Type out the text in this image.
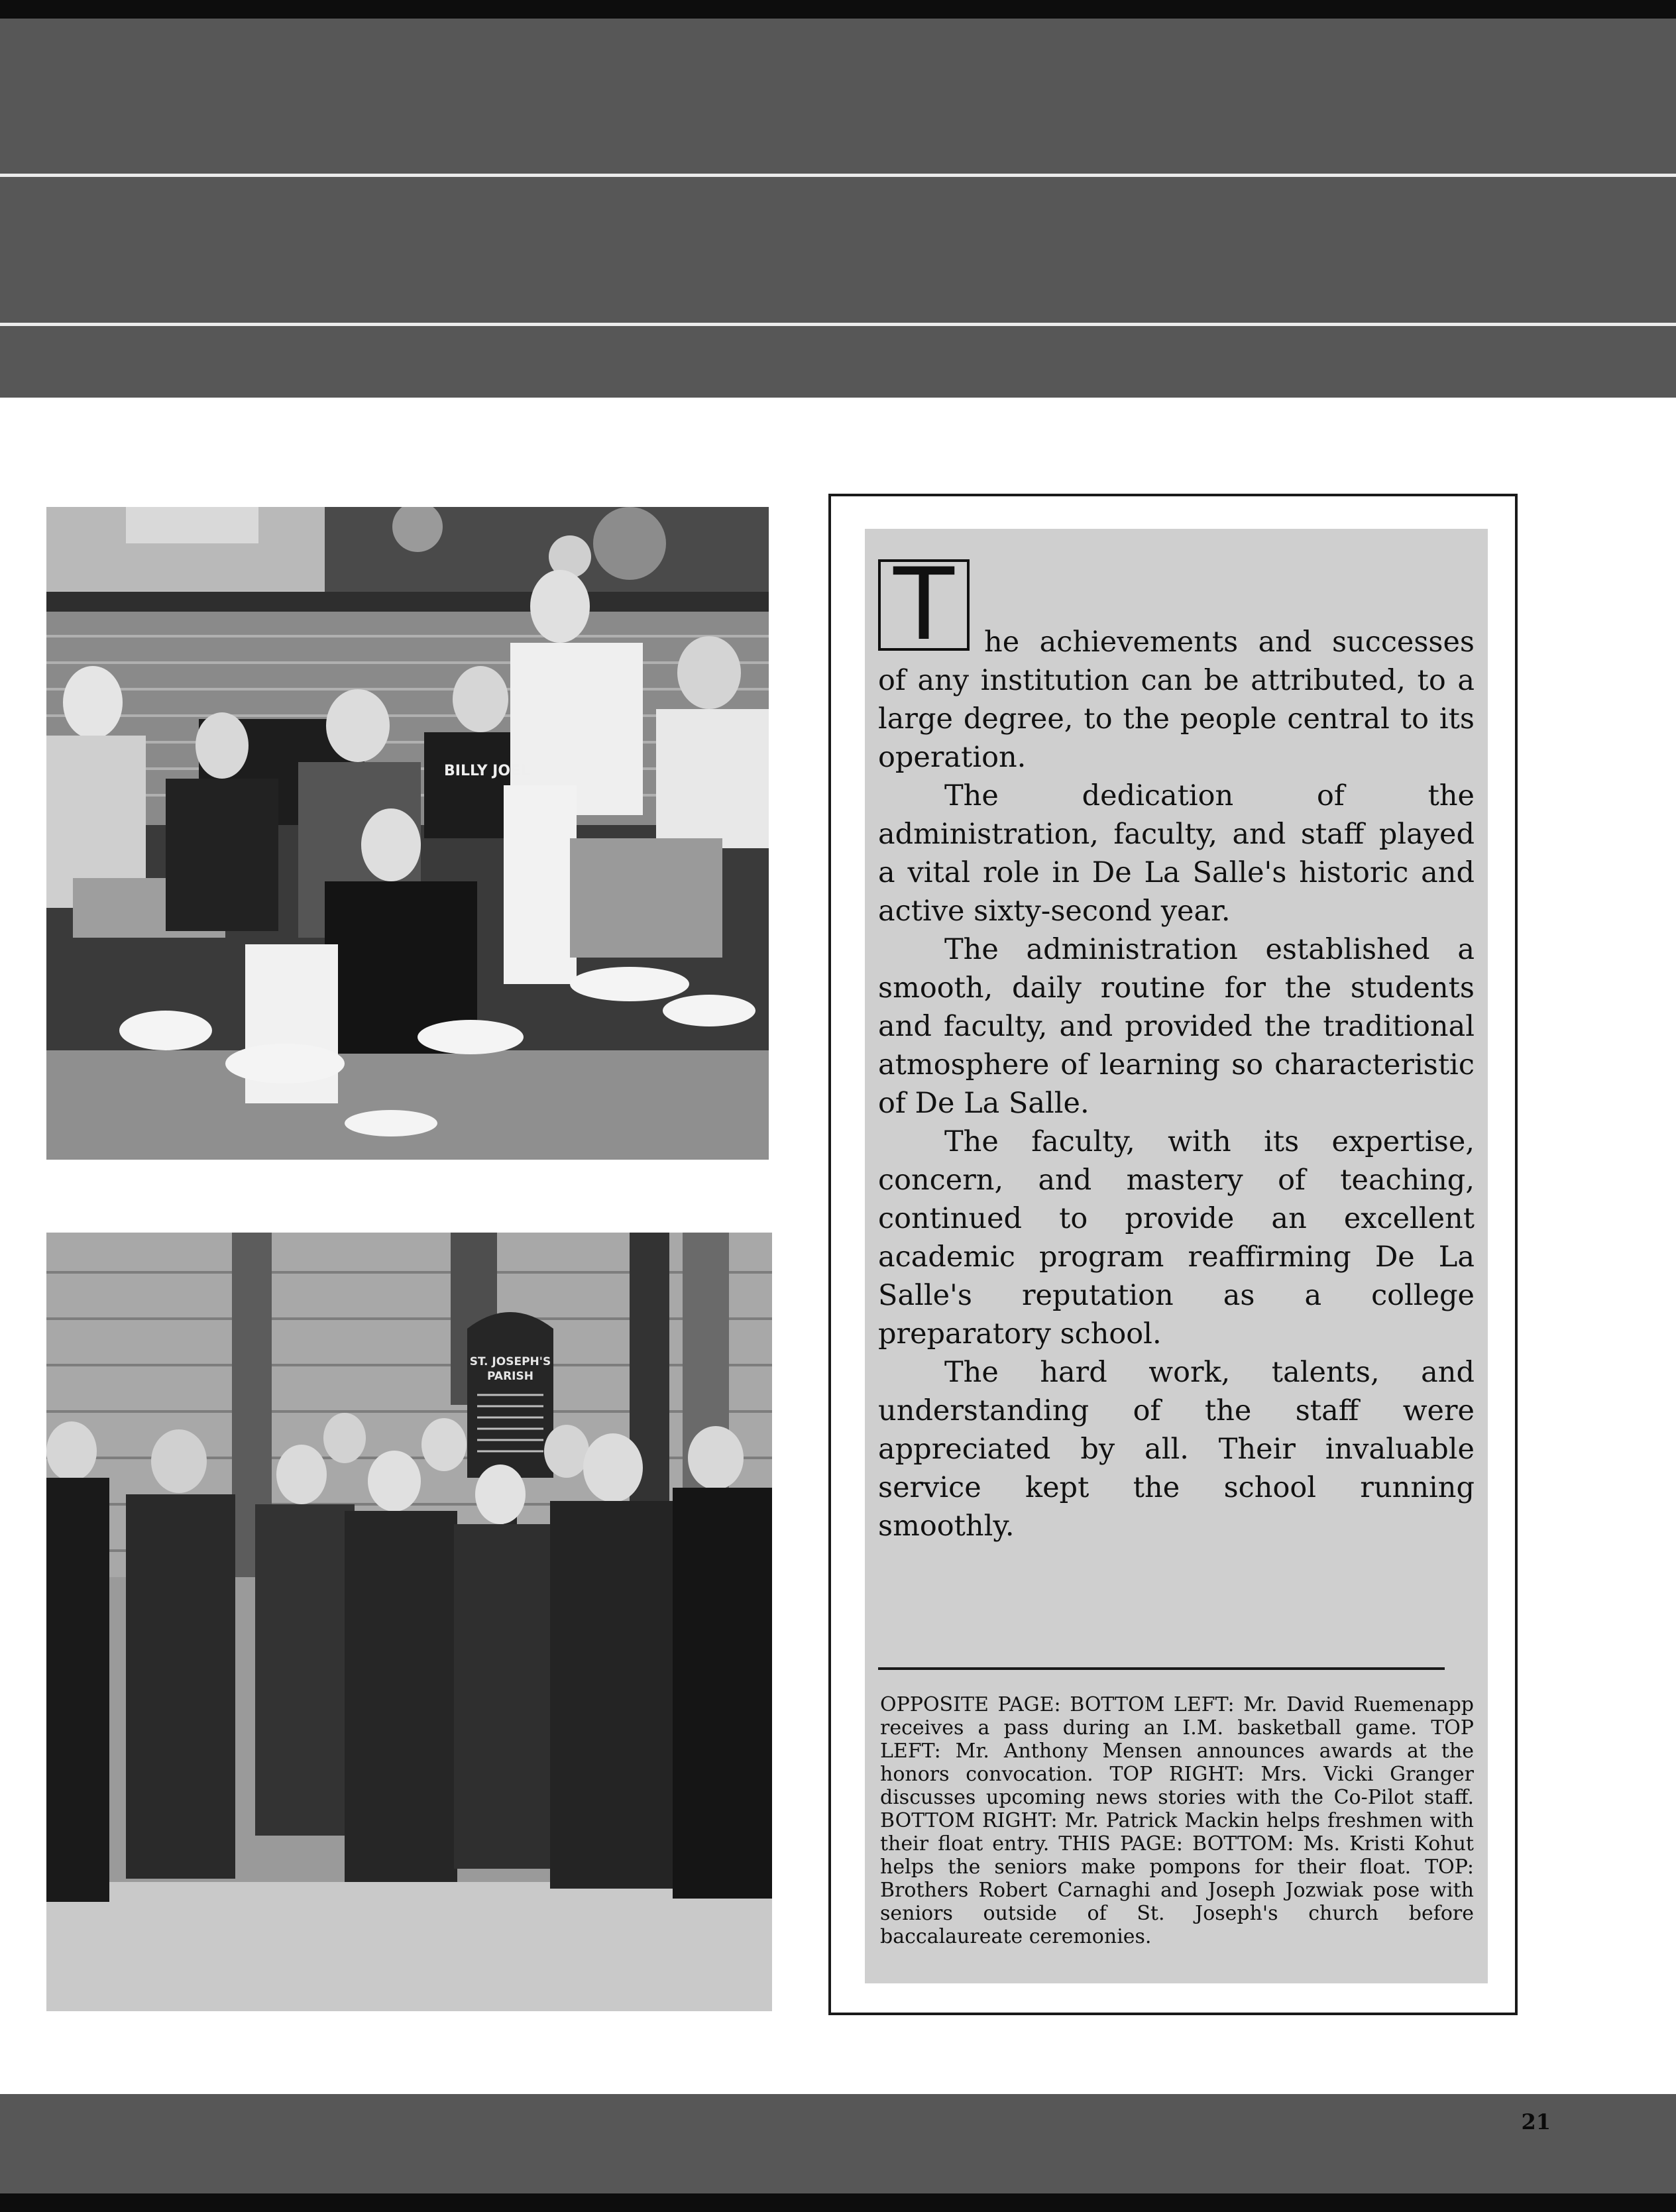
BILLY JOEL
ST. JOSEPH'S
PARISH

T	he achievements and successes of any institution can be attributed, to a large degree, to the people central to its operation.

The dedication of the administration, faculty, and staff played a vital role in De La Salle's historic and active sixty-second year.

The administration established a smooth, daily routine for the students and faculty, and provided the traditional atmosphere of learning so characteristic of De La Salle.

The faculty, with its expertise, concern, and mastery of teaching, continued to provide an excellent academic program reaffirming De La Salle's reputation as a college preparatory school.

The hard work, talents, and understanding of the staff were appreciated by all. Their invaluable service kept the school running smoothly.

OPPOSITE PAGE: BOTTOM LEFT: Mr. David Ruemenapp receives a pass during an I.M. basketball game. TOP LEFT: Mr. Anthony Mensen announces awards at the honors convocation. TOP RIGHT: Mrs. Vicki Granger discusses upcoming news stories with the Co-Pilot staff. BOTTOM RIGHT: Mr. Patrick Mackin helps freshmen with their float entry. THIS PAGE: BOTTOM: Ms. Kristi Kohut helps the seniors make pompons for their float. TOP: Brothers Robert Carnaghi and Joseph Jozwiak pose with seniors outside of St. Joseph's church before baccalaureate ceremonies.
21
